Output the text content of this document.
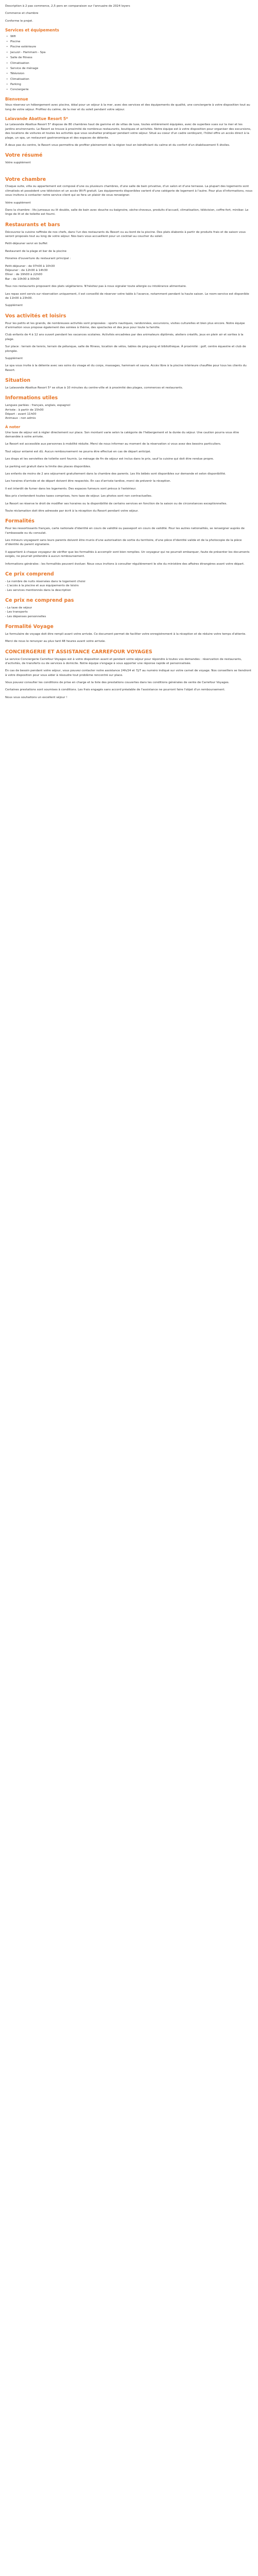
Description à 2 pas commerce, 2,5 pers en comparaison sur l'annuaire de 2024 loyers

Commerce et chambre

Conforme le projet.

Services et équipements
• Wifi
• Piscine
• Piscine extérieure
• Jacuzzi - Hammam - Spa
• Salle de fitness
• Climatisation
• Service de ménage
• Télévision
• Climatisation
• Parking
• Conciergerie
Bienvenue

Vous réservez un hébergement avec piscine, idéal pour un séjour à la mer, avec des services et des équipements de qualité, une conciergerie à votre disposition tout au long de votre séjour. Profitez du calme, de la mer et du soleil pendant votre séjour.

Lalavande Abattue Resort 5*

Le Lalavande Abattue Resort 5* dispose de 80 chambres haut de gamme et de villas de luxe, toutes entièrement équipées, avec de superbes vues sur la mer et les jardins environnants. Le Resort se trouve à proximité de nombreux restaurants, boutiques et activités. Notre équipe est à votre disposition pour organiser des excursions, des locations de voitures et toutes les activités que vous souhaitez pratiquer pendant votre séjour. Situé au coeur d'un cadre verdoyant, l'hôtel offre un accès direct à la plage, un spa, un restaurant gastronomique et des espaces de détente.

À deux pas du centre, le Resort vous permettra de profiter pleinement de la région tout en bénéficiant du calme et du confort d'un établissement 5 étoiles.

Votre résumé

Votre supplément

Votre chambre

Chaque suite, villa ou appartement est composé d'une ou plusieurs chambres, d'une salle de bain privative, d'un salon et d'une terrasse. La plupart des logements sont climatisés et possèdent une télévision et un accès Wi-Fi gratuit. Les équipements disponibles varient d'une catégorie de logement à l'autre. Pour plus d'informations, nous vous invitons à contacter notre service client qui se fera un plaisir de vous renseigner.

Votre supplément

Dans la chambre : lits jumeaux ou lit double, salle de bain avec douche ou baignoire, sèche-cheveux, produits d'accueil, climatisation, télévision, coffre-fort, minibar. Le linge de lit et de toilette est fourni.

Restaurants et bars

Découvrez la cuisine raffinée de nos chefs, dans l'un des restaurants du Resort ou au bord de la piscine. Des plats élaborés à partir de produits frais et de saison vous seront proposés tout au long de votre séjour. Nos bars vous accueillent pour un cocktail au coucher du soleil.

Petit-déjeuner servi en buffet

Restaurant de la plage et bar de la piscine

Horaires d'ouverture du restaurant principal :

Petit-déjeuner : de 07h00 à 10h30
Déjeuner : de 12h00 à 14h30
Dîner : de 19h00 à 22h00
Bar : de 10h00 à 00h00

Tous nos restaurants proposent des plats végétariens. N'hésitez pas à nous signaler toute allergie ou intolérance alimentaire.

Les repas sont servis sur réservation uniquement, il est conseillé de réserver votre table à l'avance, notamment pendant la haute saison. Le room-service est disponible de 11h00 à 23h00.

Supplément

Vos activités et loisirs

Pour les petits et les grands, de nombreuses activités sont proposées : sports nautiques, randonnées, excursions, visites culturelles et bien plus encore. Notre équipe d'animation vous propose également des soirées à thème, des spectacles et des jeux pour toute la famille.

Club enfants de 4 à 12 ans ouvert pendant les vacances scolaires. Activités encadrées par des animateurs diplômés, ateliers créatifs, jeux en plein air et sorties à la plage.

Sur place : terrain de tennis, terrain de pétanque, salle de fitness, location de vélos, tables de ping-pong et bibliothèque. À proximité : golf, centre équestre et club de plongée.

Supplément

Le spa vous invite à la détente avec ses soins du visage et du corps, massages, hammam et sauna. Accès libre à la piscine intérieure chauffée pour tous les clients du Resort.

Situation

Le Lalavande Abattue Resort 5* se situe à 10 minutes du centre-ville et à proximité des plages, commerces et restaurants.

Informations utiles
Langues parlées : français, anglais, espagnol
Arrivée : à partir de 15h00
Départ : avant 11h00
Animaux : non admis
À noter

Une taxe de séjour est à régler directement sur place. Son montant varie selon la catégorie de l'hébergement et la durée du séjour. Une caution pourra vous être demandée à votre arrivée.

Le Resort est accessible aux personnes à mobilité réduite. Merci de nous informer au moment de la réservation si vous avez des besoins particuliers.

Tout séjour entamé est dû. Aucun remboursement ne pourra être effectué en cas de départ anticipé.

Les draps et les serviettes de toilette sont fournis. Le ménage de fin de séjour est inclus dans le prix, sauf la cuisine qui doit être rendue propre.

Le parking est gratuit dans la limite des places disponibles.

Les enfants de moins de 2 ans séjournent gratuitement dans la chambre des parents. Les lits bébés sont disponibles sur demande et selon disponibilité.

Les horaires d'arrivée et de départ doivent être respectés. En cas d'arrivée tardive, merci de prévenir la réception.

Il est interdit de fumer dans les logements. Des espaces fumeurs sont prévus à l'extérieur.

Nos prix s'entendent toutes taxes comprises, hors taxe de séjour. Les photos sont non contractuelles.

Le Resort se réserve le droit de modifier ses horaires ou la disponibilité de certains services en fonction de la saison ou de circonstances exceptionnelles.

Toute réclamation doit être adressée par écrit à la réception du Resort pendant votre séjour.

Formalités

Pour les ressortissants français, carte nationale d'identité en cours de validité ou passeport en cours de validité. Pour les autres nationalités, se renseigner auprès de l'ambassade ou du consulat.

Les mineurs voyageant sans leurs parents doivent être munis d'une autorisation de sortie du territoire, d'une pièce d'identité valide et de la photocopie de la pièce d'identité du parent signataire.

Il appartient à chaque voyageur de vérifier que les formalités à accomplir sont bien remplies. Un voyageur qui ne pourrait embarquer, faute de présenter les documents exigés, ne pourrait prétendre à aucun remboursement.

Informations générales : les formalités peuvent évoluer. Nous vous invitons à consulter régulièrement le site du ministère des affaires étrangères avant votre départ.

Ce prix comprend
- Le nombre de nuits réservées dans le logement choisi
- L'accès à la piscine et aux équipements de loisirs
- Les services mentionnés dans la description
Ce prix ne comprend pas
- La taxe de séjour
- Les transports
- Les dépenses personnelles
Formalité Voyage

Le formulaire de voyage doit être rempli avant votre arrivée. Ce document permet de faciliter votre enregistrement à la réception et de réduire votre temps d'attente.

Merci de nous le renvoyer au plus tard 48 heures avant votre arrivée.

CONCIERGERIE ET ASSISTANCE CARREFOUR VOYAGES

Le service Conciergerie Carrefour Voyages est à votre disposition avant et pendant votre séjour pour répondre à toutes vos demandes : réservation de restaurants, d'activités, de transferts ou de services à domicile. Notre équipe s'engage à vous apporter une réponse rapide et personnalisée.

En cas de besoin pendant votre séjour, vous pouvez contacter notre assistance 24h/24 et 7j/7 au numéro indiqué sur votre carnet de voyage. Nos conseillers se tiendront à votre disposition pour vous aider à résoudre tout problème rencontré sur place.

Vous pouvez consulter les conditions de prise en charge et la liste des prestations couvertes dans les conditions générales de vente de Carrefour Voyages.

Certaines prestations sont soumises à conditions. Les frais engagés sans accord préalable de l'assistance ne pourront faire l'objet d'un remboursement.

Nous vous souhaitons un excellent séjour !
